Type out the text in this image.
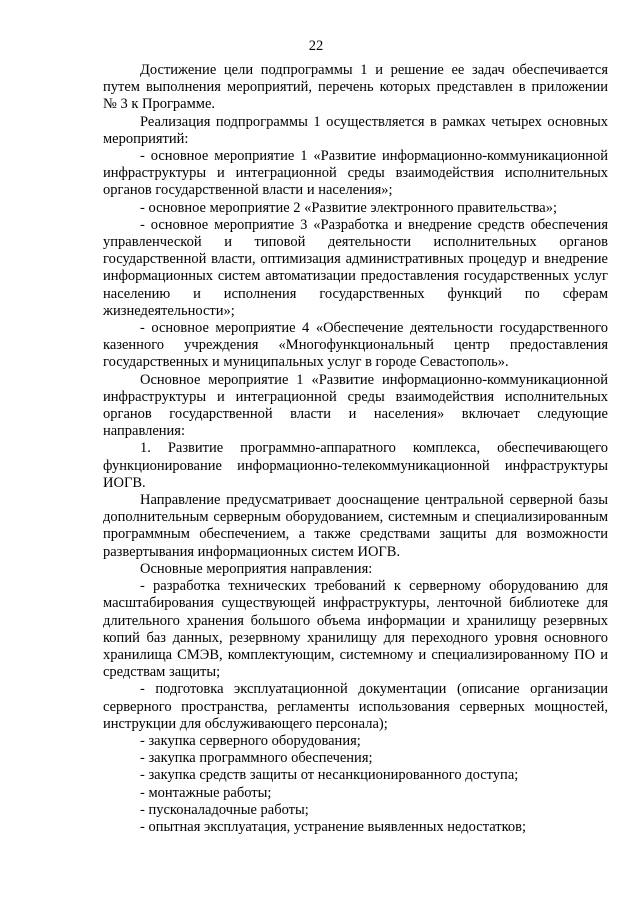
22

Достижение цели подпрограммы 1 и решение ее задач обеспечивается путем выполнения мероприятий, перечень которых представлен в приложении № 3 к Программе.

Реализация подпрограммы 1 осуществляется в рамках четырех основных мероприятий:

- основное мероприятие 1 «Развитие информационно-коммуникационной инфраструктуры и интеграционной среды взаимодействия исполнительных органов государственной власти и населения»;

- основное мероприятие 2 «Развитие электронного правительства»;

- основное мероприятие 3 «Разработка и внедрение средств обеспечения управленческой и типовой деятельности исполнительных органов государственной власти, оптимизация административных процедур и внедрение информационных систем автоматизации предоставления государственных услуг населению и исполнения государственных функций по сферам жизнедеятельности»;

- основное мероприятие 4 «Обеспечение деятельности государственного казенного учреждения «Многофункциональный центр предоставления государственных и муниципальных услуг в городе Севастополь».

Основное мероприятие 1 «Развитие информационно-коммуникационной инфраструктуры и интеграционной среды взаимодействия исполнительных органов государственной власти и населения» включает следующие направления:

1. Развитие программно-аппаратного комплекса, обеспечивающего функционирование информационно-телекоммуникационной инфраструктуры ИОГВ.

Направление предусматривает дооснащение центральной серверной базы дополнительным серверным оборудованием, системным и специализированным программным обеспечением, а также средствами защиты для возможности развертывания информационных систем ИОГВ.

Основные мероприятия направления:

- разработка технических требований к серверному оборудованию для масштабирования существующей инфраструктуры, ленточной библиотеке для длительного хранения большого объема информации и хранилищу резервных копий баз данных, резервному хранилищу для переходного уровня основного хранилища СМЭВ, комплектующим, системному и специализированному ПО и средствам защиты;

- подготовка эксплуатационной документации (описание организации серверного пространства, регламенты использования серверных мощностей, инструкции для обслуживающего персонала);

- закупка серверного оборудования;

- закупка программного обеспечения;

- закупка средств защиты от несанкционированного доступа;

- монтажные работы;

- пусконаладочные работы;

- опытная эксплуатация, устранение выявленных недостатков;
